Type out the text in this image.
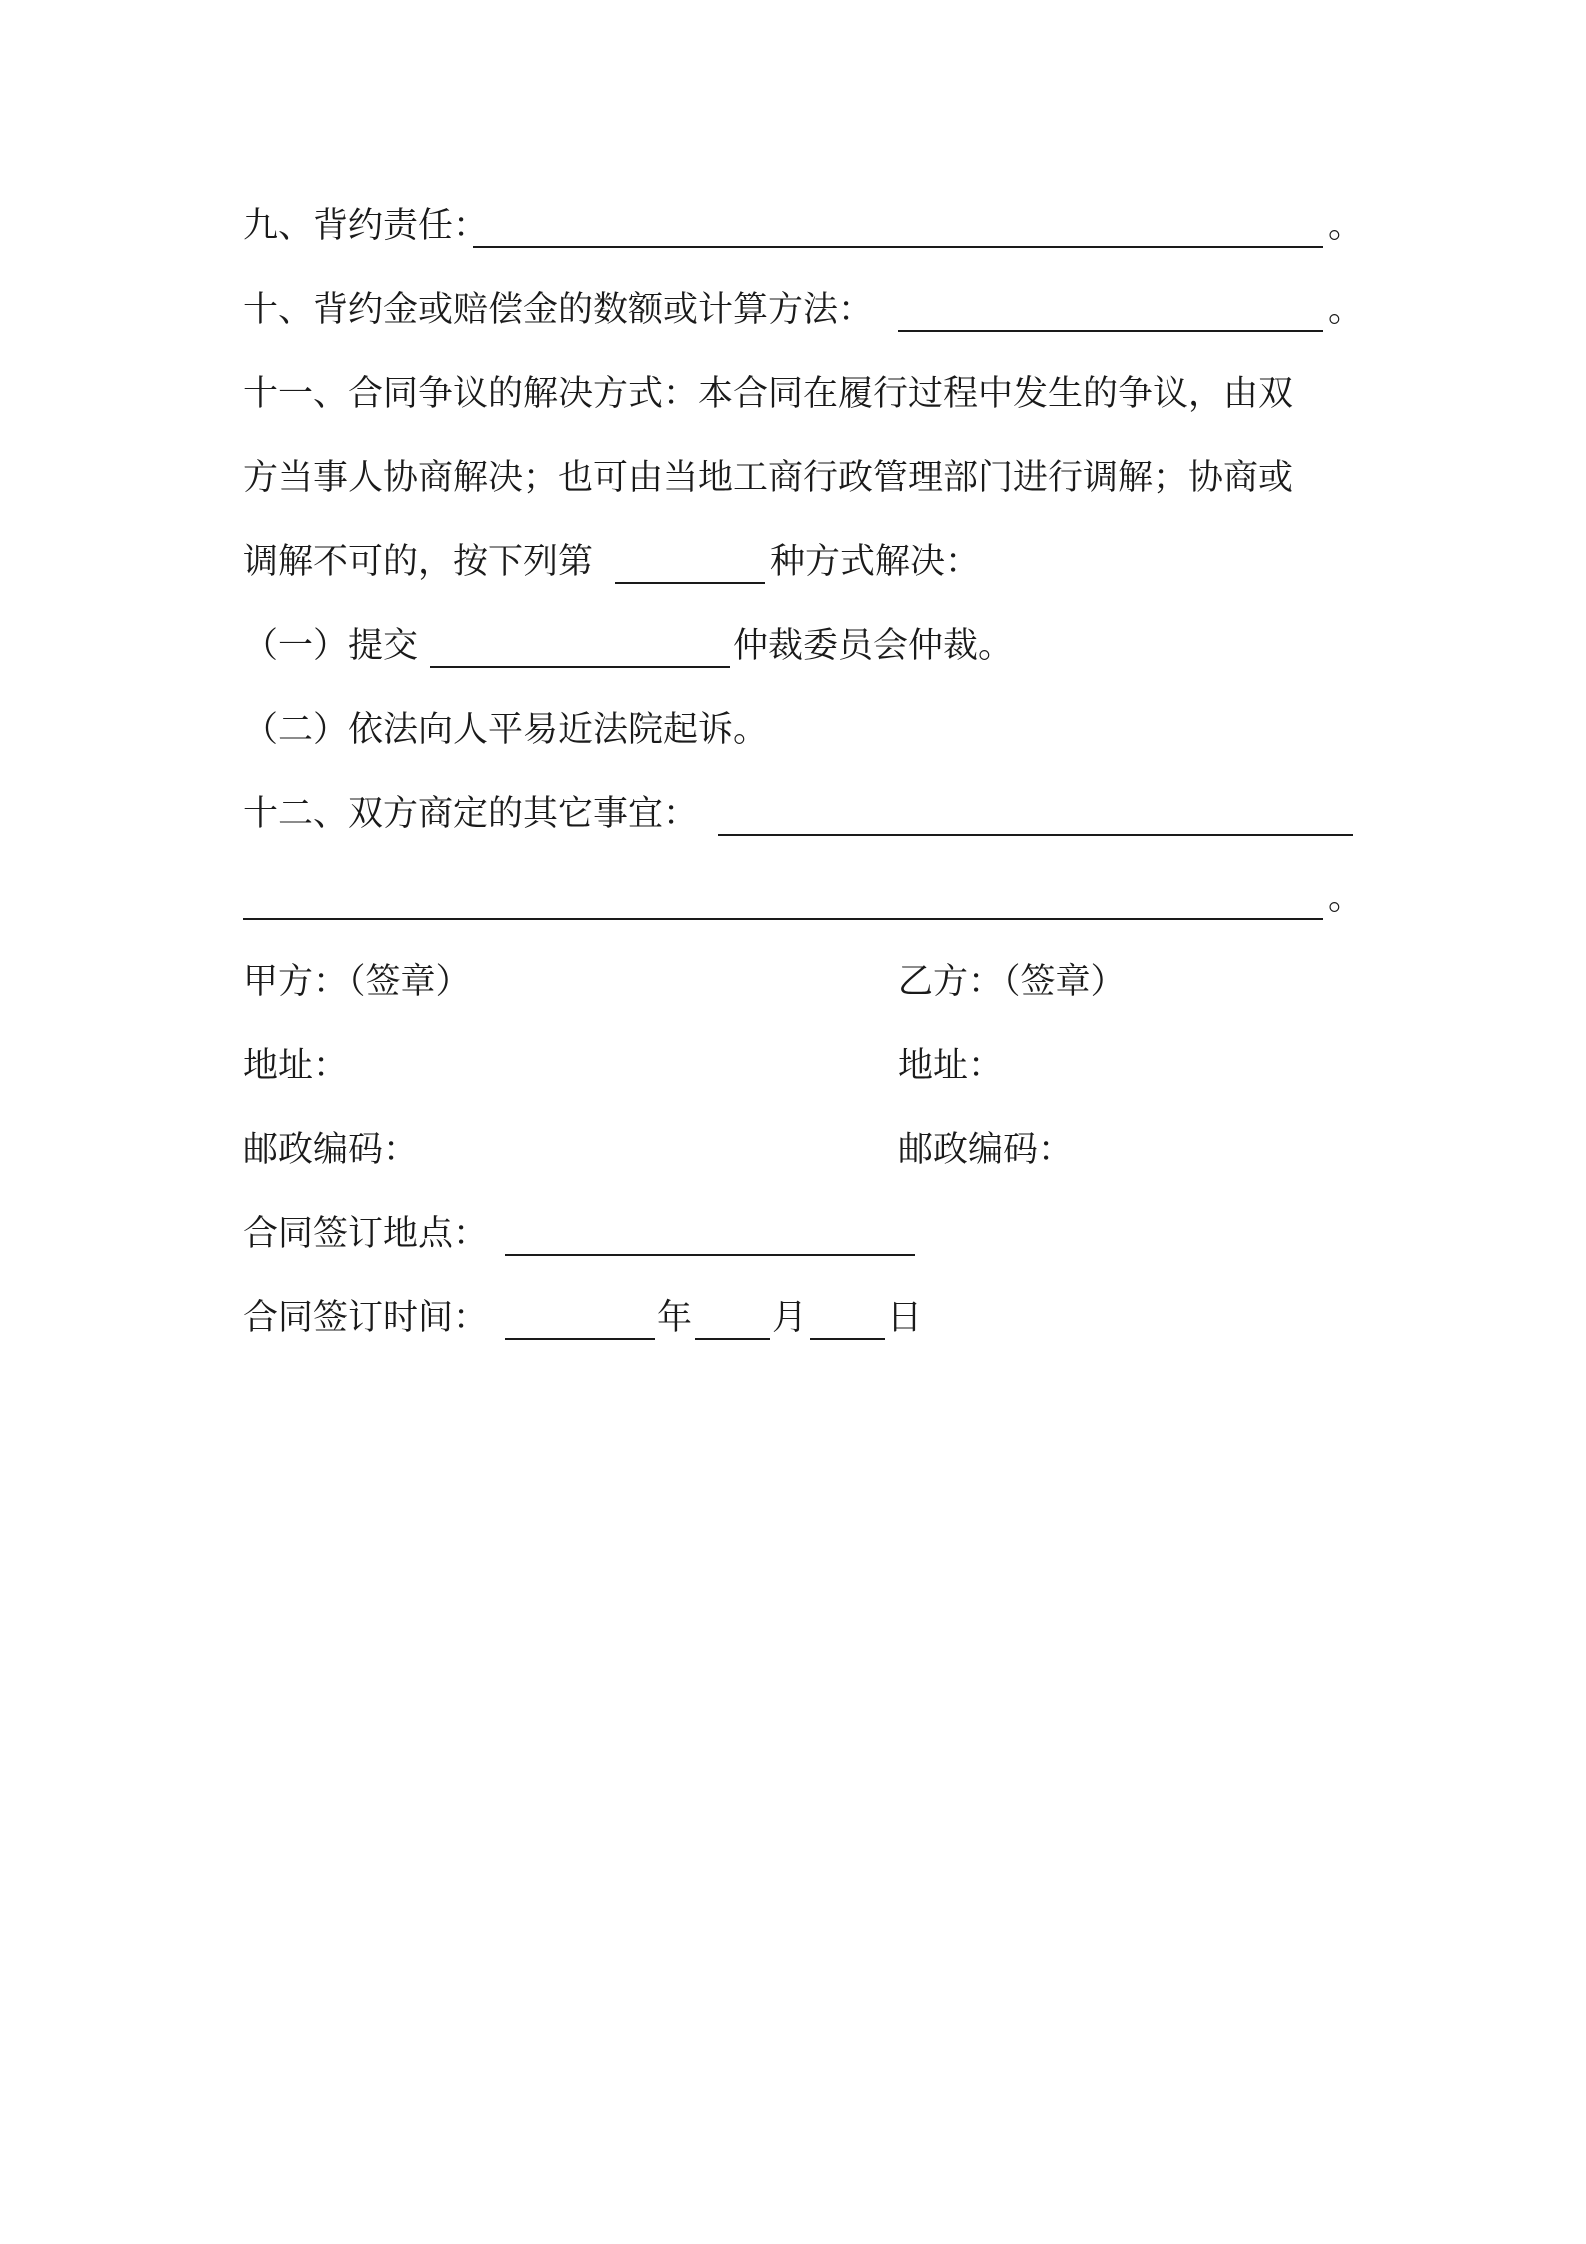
九、背约责任：	。
十、背约金或赔偿金的数额或计算方法：	。
十一、合同争议的解决方式：本合同在履行过程中发生的争议，由双
方当事人协商解决；也可由当地工商行政管理部门进行调解；协商或
调解不可的，按下列第	种方式解决：
（一）提交	仲裁委员会仲裁。
（二）依法向人平易近法院起诉。
十二、双方商定的其它事宜：
。
甲方：（签章）	乙方：（签章）
地址：	地址：
邮政编码：	邮政编码：
合同签订地点：
合同签订时间：	年 月 日
